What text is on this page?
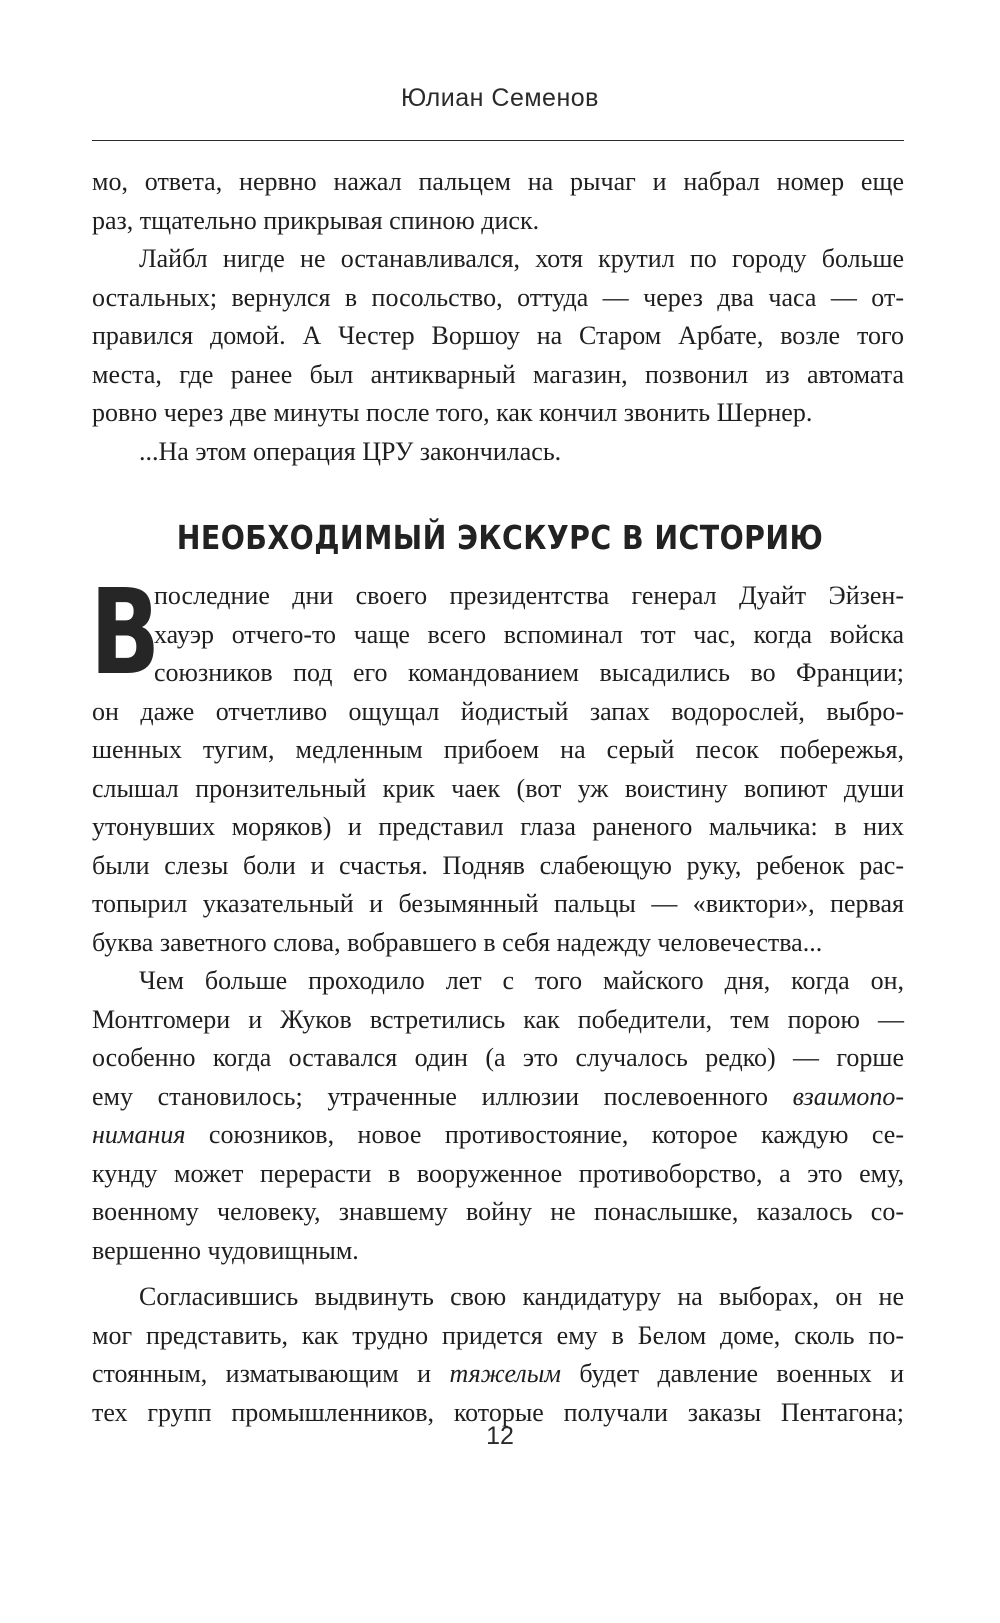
Юлиан Семенов

мо, ответа, нервно нажал пальцем на рычаг и набрал номер еще

раз, тщательно прикрывая спиною диск.

Лайбл нигде не останавливался, хотя крутил по городу больше

остальных; вернулся в посольство, оттуда — через два часа — от-

правился домой. А Честер Воршоу на Старом Арбате, возле того

места, где ранее был антикварный магазин, позвонил из автомата

ровно через две минуты после того, как кончил звонить Шернер.

...На этом операция ЦРУ закончилась.

НЕОБХОДИМЫЙ ЭКСКУРС В ИСТОРИЮ
В

последние дни своего президентства генерал Дуайт Эйзен-

хауэр отчего-то чаще всего вспоминал тот час, когда войска

союзников под его командованием высадились во Франции;

он даже отчетливо ощущал йодистый запах водорослей, выбро-

шенных тугим, медленным прибоем на серый песок побережья,

слышал пронзительный крик чаек (вот уж воистину вопиют души

утонувших моряков) и представил глаза раненого мальчика: в них

были слезы боли и счастья. Подняв слабеющую руку, ребенок рас-

топырил указательный и безымянный пальцы — «виктори», первая

буква заветного слова, вобравшего в себя надежду человечества...

Чем больше проходило лет с того майского дня, когда он,

Монтгомери и Жуков встретились как победители, тем порою —

особенно когда оставался один (а это случалось редко) — горше

ему становилось; утраченные иллюзии послевоенного взаимопо-

нимания союзников, новое противостояние, которое каждую се-

кунду может перерасти в вооруженное противоборство, а это ему,

военному человеку, знавшему войну не понаслышке, казалось со-

вершенно чудовищным.

Согласившись выдвинуть свою кандидатуру на выборах, он не

мог представить, как трудно придется ему в Белом доме, сколь по-

стоянным, изматывающим и тяжелым будет давление военных и

тех групп промышленников, которые получали заказы Пентагона;

12
